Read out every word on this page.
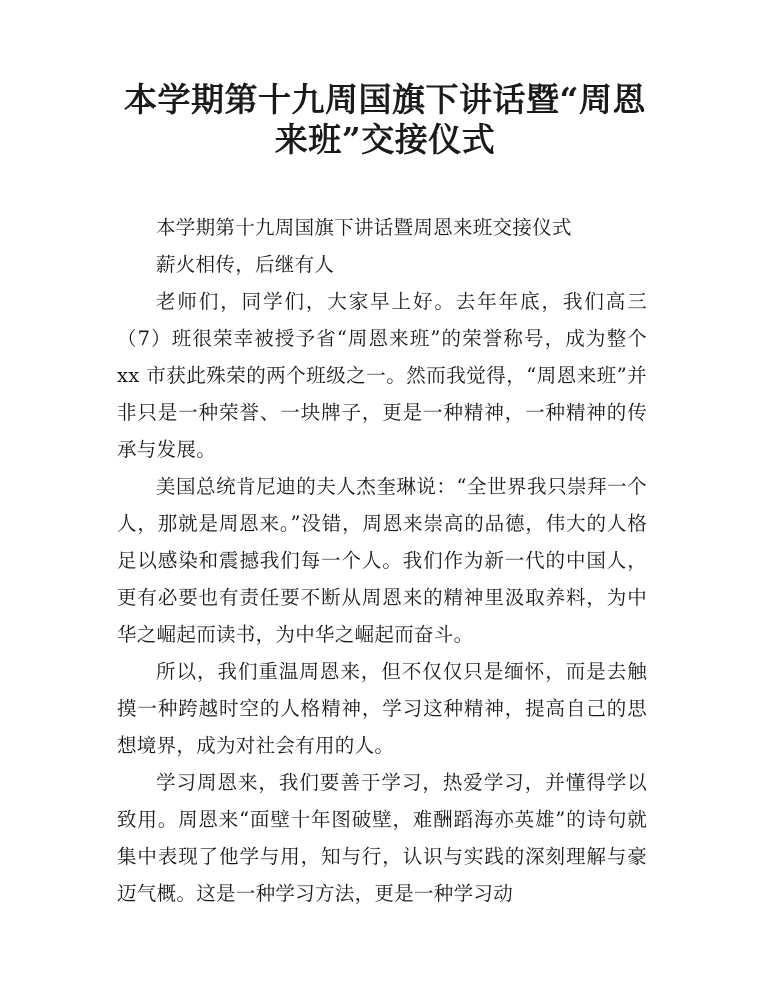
本学期第十九周国旗下讲话暨“周恩来班”交接仪式

本学期第十九周国旗下讲话暨周恩来班交接仪式

薪火相传，后继有人

老师们，同学们，大家早上好。去年年底，我们高三（7）班很荣幸被授予省“周恩来班”的荣誉称号，成为整个 xx 市获此殊荣的两个班级之一。然而我觉得，“周恩来班”并非只是一种荣誉、一块牌子，更是一种精神，一种精神的传承与发展。

美国总统肯尼迪的夫人杰奎琳说：“全世界我只崇拜一个人，那就是周恩来。”没错，周恩来崇高的品德，伟大的人格足以感染和震撼我们每一个人。我们作为新一代的中国人，更有必要也有责任要不断从周恩来的精神里汲取养料，为中华之崛起而读书，为中华之崛起而奋斗。

所以，我们重温周恩来，但不仅仅只是缅怀，而是去触摸一种跨越时空的人格精神，学习这种精神，提高自己的思想境界，成为对社会有用的人。

学习周恩来，我们要善于学习，热爱学习，并懂得学以致用。周恩来“面壁十年图破壁，难酬蹈海亦英雄”的诗句就集中表现了他学与用，知与行，认识与实践的深刻理解与豪迈气概。这是一种学习方法，更是一种学习动
